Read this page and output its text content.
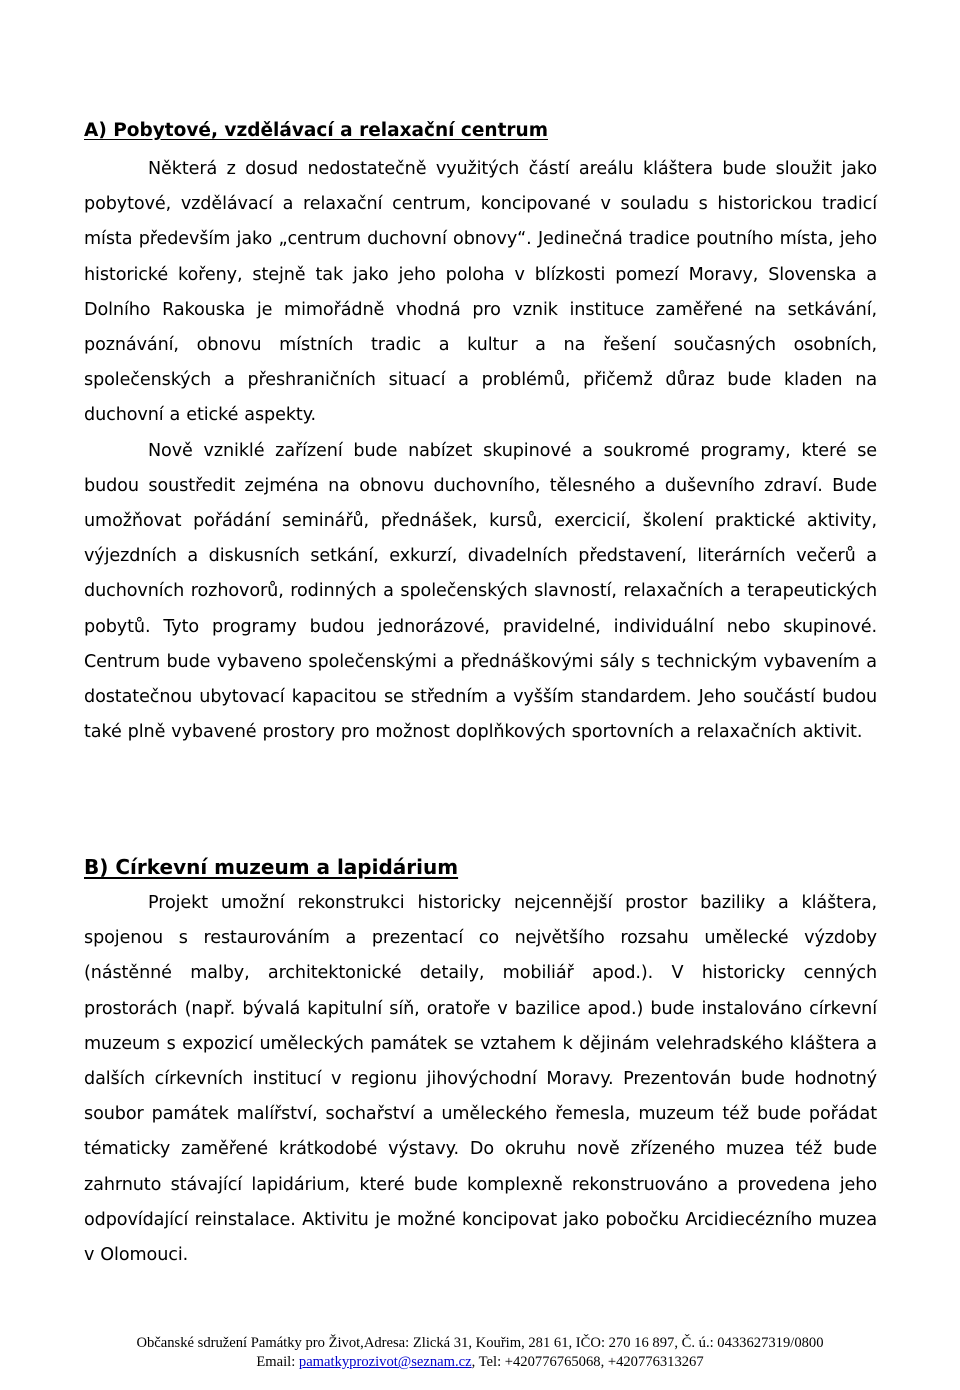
A) Pobytové, vzdělávací a relaxační centrum

Některá z dosud nedostatečně využitých částí areálu kláštera bude sloužit jako pobytové, vzdělávací a relaxační centrum, koncipované v souladu s historickou tradicí místa především jako „centrum duchovní obnovy“. Jedinečná tradice poutního místa, jeho historické kořeny, stejně tak jako jeho poloha v blízkosti pomezí Moravy, Slovenska a Dolního Rakouska je mimořádně vhodná pro vznik instituce zaměřené na setkávání, poznávání, obnovu místních tradic a kultur a na řešení současných osobních, společenských a přeshraničních situací a problémů, přičemž důraz bude kladen na duchovní a etické aspekty.

Nově vzniklé zařízení bude nabízet skupinové a soukromé programy, které se budou soustředit zejména na obnovu duchovního, tělesného a duševního zdraví. Bude umožňovat pořádání seminářů, přednášek, kursů, exercicií, školení praktické aktivity, výjezdních a diskusních setkání, exkurzí, divadelních představení, literárních večerů a duchovních rozhovorů, rodinných a společenských slavností, relaxačních a terapeutických pobytů. Tyto programy budou jednorázové, pravidelné, individuální nebo skupinové. Centrum bude vybaveno společenskými a přednáškovými sály s technickým vybavením a dostatečnou ubytovací kapacitou se středním a vyšším standardem. Jeho součástí budou také plně vybavené prostory pro možnost doplňkových sportovních a relaxačních aktivit.

B) Církevní muzeum a lapidárium

Projekt umožní rekonstrukci historicky nejcennější prostor baziliky a kláštera, spojenou s restaurováním a prezentací co největšího rozsahu umělecké výzdoby (nástěnné malby, architektonické detaily, mobiliář apod.). V historicky cenných prostorách (např. bývalá kapitulní síň, oratoře v bazilice apod.) bude instalováno církevní muzeum s expozicí uměleckých památek se vztahem k dějinám velehradského kláštera a dalších církevních institucí v regionu jihovýchodní Moravy. Prezentován bude hodnotný soubor památek malířství, sochařství a uměleckého řemesla, muzeum též bude pořádat tématicky zaměřené krátkodobé výstavy. Do okruhu nově zřízeného muzea též bude zahrnuto stávající lapidárium, které bude komplexně rekonstruováno a provedena jeho odpovídající reinstalace. Aktivitu je možné koncipovat jako pobočku Arcidiecézního muzea v Olomouci.

Občanské sdružení Památky pro Život,Adresa: Zlická 31, Kouřim, 281 61, IČO: 270 16 897, Č. ú.: 0433627319/0800
Email: pamatkyprozivot@seznam.cz, Tel: +420776765068, +420776313267
